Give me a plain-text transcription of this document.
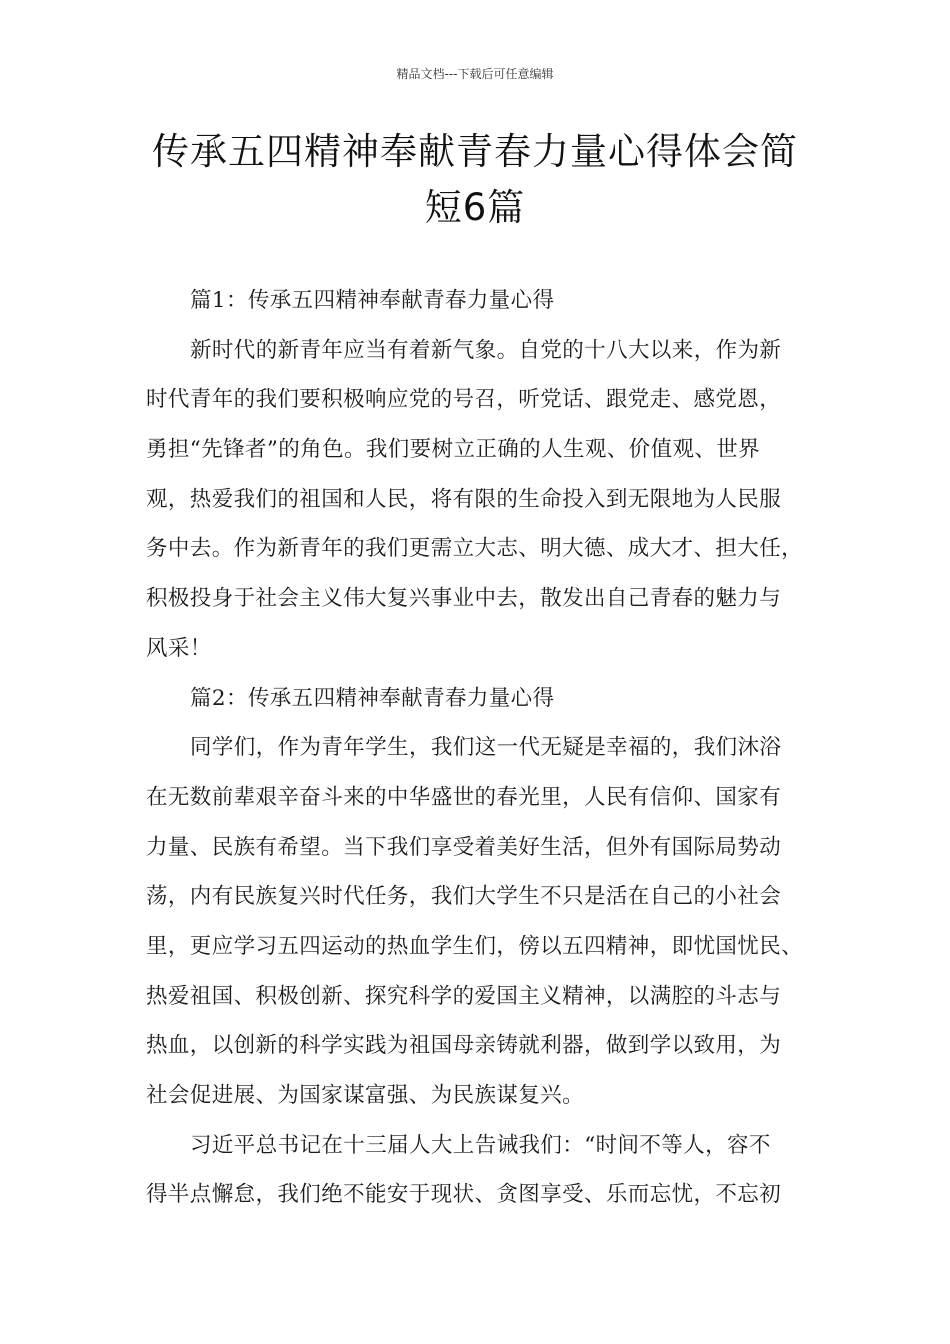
精品文档---下载后可任意编辑
传承五四精神奉献青春力量心得体会简
短6篇
篇1：传承五四精神奉献青春力量心得
新时代的新青年应当有着新气象。自党的十八大以来，作为新
时代青年的我们要积极响应党的号召，听党话、跟党走、感党恩，
勇担“先锋者”的角色。我们要树立正确的人生观、价值观、世界
观，热爱我们的祖国和人民，将有限的生命投入到无限地为人民服
务中去。作为新青年的我们更需立大志、明大德、成大才、担大任，
积极投身于社会主义伟大复兴事业中去，散发出自己青春的魅力与
风采！
篇2：传承五四精神奉献青春力量心得
同学们，作为青年学生，我们这一代无疑是幸福的，我们沐浴
在无数前辈艰辛奋斗来的中华盛世的春光里，人民有信仰、国家有
力量、民族有希望。当下我们享受着美好生活，但外有国际局势动
荡，内有民族复兴时代任务，我们大学生不只是活在自己的小社会
里，更应学习五四运动的热血学生们，傍以五四精神，即忧国忧民、
热爱祖国、积极创新、探究科学的爱国主义精神，以满腔的斗志与
热血，以创新的科学实践为祖国母亲铸就利器，做到学以致用，为
社会促进展、为国家谋富强、为民族谋复兴。
习近平总书记在十三届人大上告诫我们：“时间不等人，容不
得半点懈怠，我们绝不能安于现状、贪图享受、乐而忘忧，不忘初
